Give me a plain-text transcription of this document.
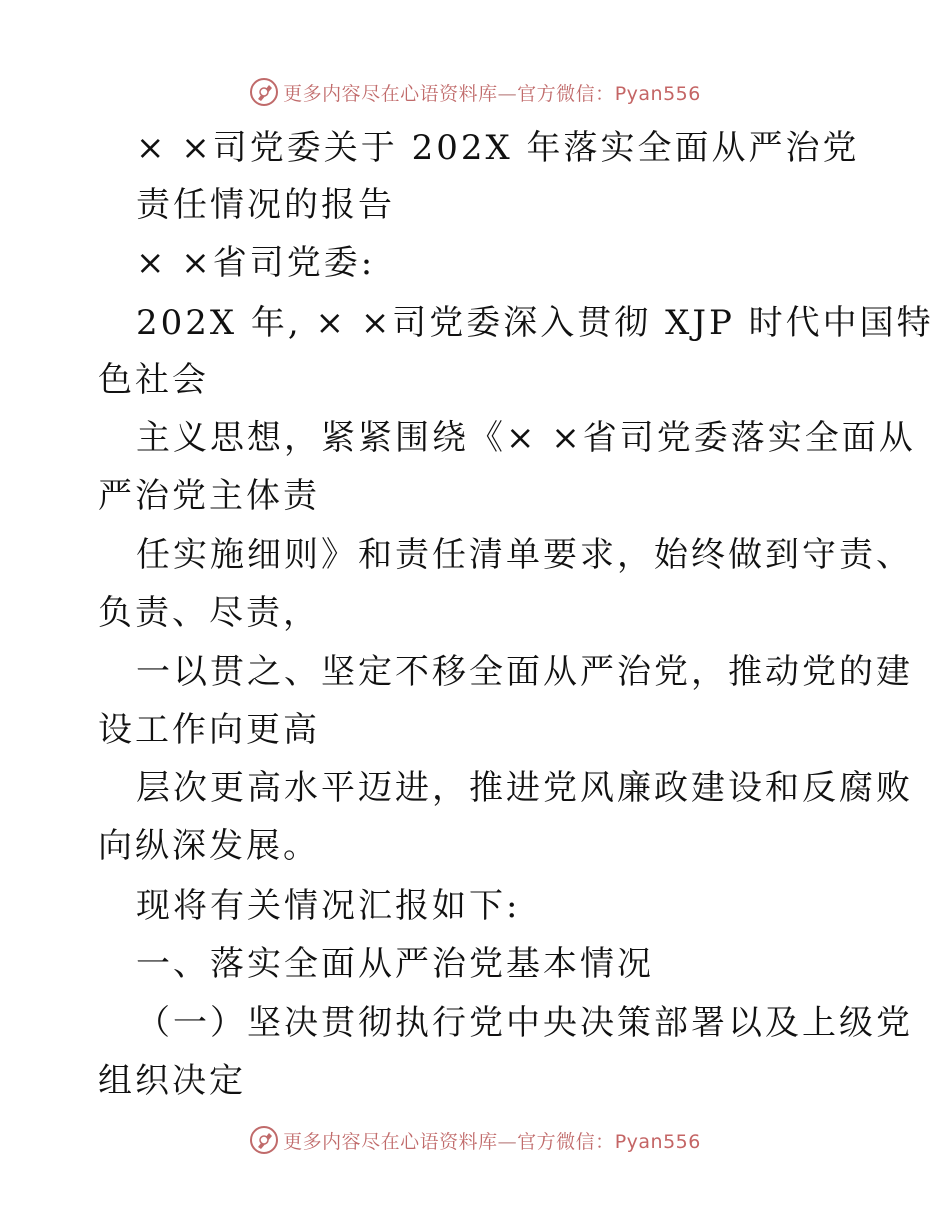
更多内容尽在心语资料库—官方微信：Pyan556
× ×司党委关于 202X 年落实全面从严治党
责任情况的报告
× ×省司党委:
202X 年, × ×司党委深入贯彻 XJP 时代中国特
色社会
主义思想，紧紧围绕《× ×省司党委落实全面从
严治党主体责
任实施细则》和责任清单要求，始终做到守责、
负责、尽责，
一以贯之、坚定不移全面从严治党，推动党的建
设工作向更高
层次更高水平迈进，推进党风廉政建设和反腐败
向纵深发展。
现将有关情况汇报如下:
一、落实全面从严治党基本情况
（一）坚决贯彻执行党中央决策部署以及上级党
组织决定
更多内容尽在心语资料库—官方微信：Pyan556
